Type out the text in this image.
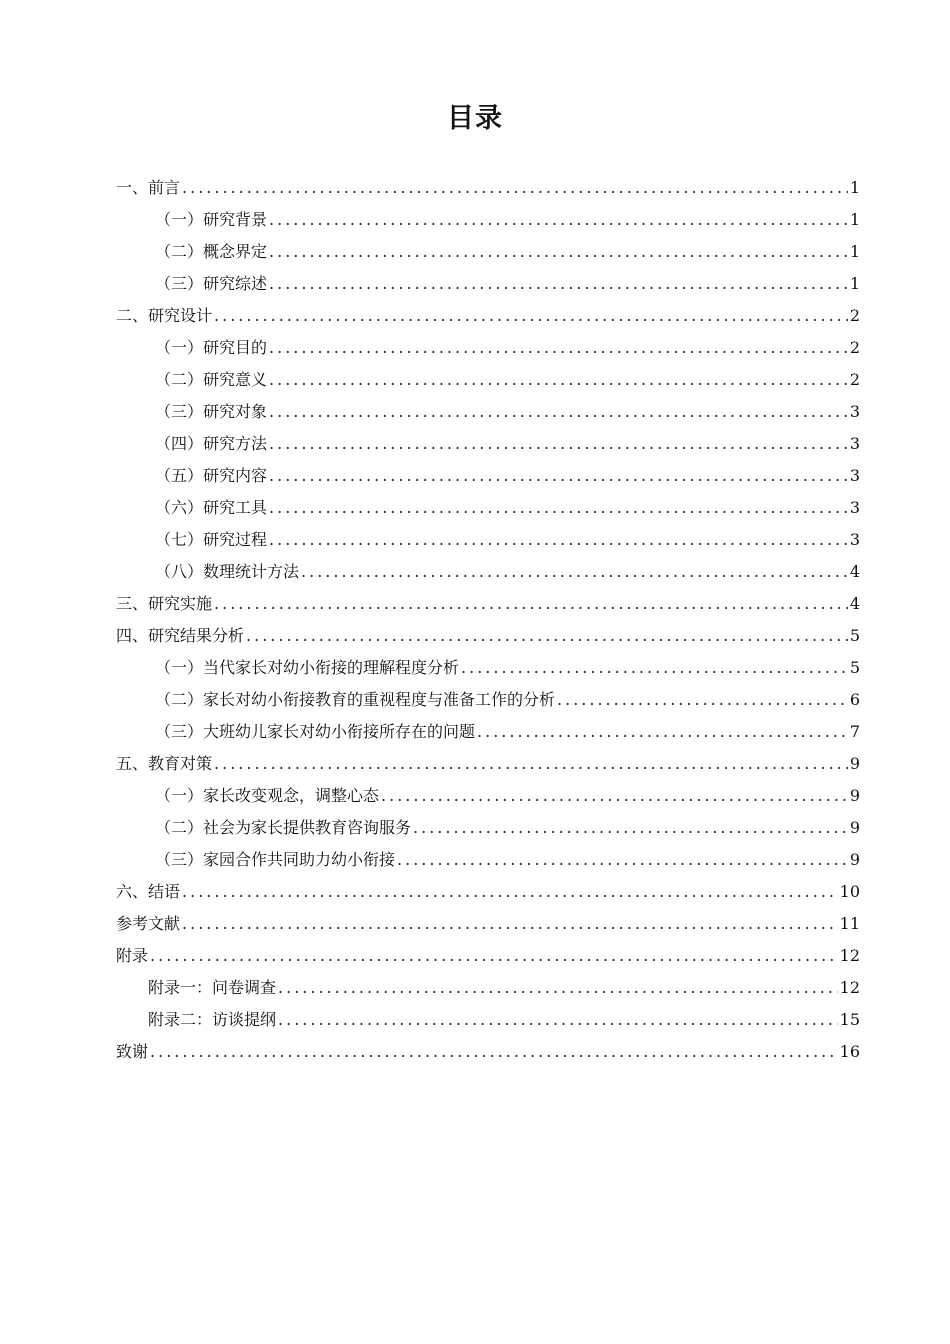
目录
一、 前言 .....	1
（一）研究背景 .....	1
（二）概念界定 .....	1
（三）研究综述 .....	1
二、 研究设计 .....	2
（一）研究目的 .....	2
（二）研究意义 .....	2
（三）研究对象 .....	3
（四）研究方法 .....	3
（五）研究内容 .....	3
（六）研究工具 .....	3
（七）研究过程 .....	3
（八）数理统计方法 .....	4
三、 研究实施 .....	4
四、 研究结果分析 .....	5
（一）当代家长对幼小衔接的理解程度分析 .....	5
（二）家长对幼小衔接教育的重视程度与准备工作的分析 .....	6
（三）大班幼儿家长对幼小衔接所存在的问题 .....	7
五、 教育对策 .....	9
（一）家长改变观念，调整心态 .....	9
（二）社会为家长提供教育咨询服务 .....	9
（三）家园合作共同助力幼小衔接 .....	9
六、 结语 .....	10
参考文献 .....	11
附录 .....	12
附录一：问卷调查 .....	12
附录二：访谈提纲 .....	15
致谢 .....	16
